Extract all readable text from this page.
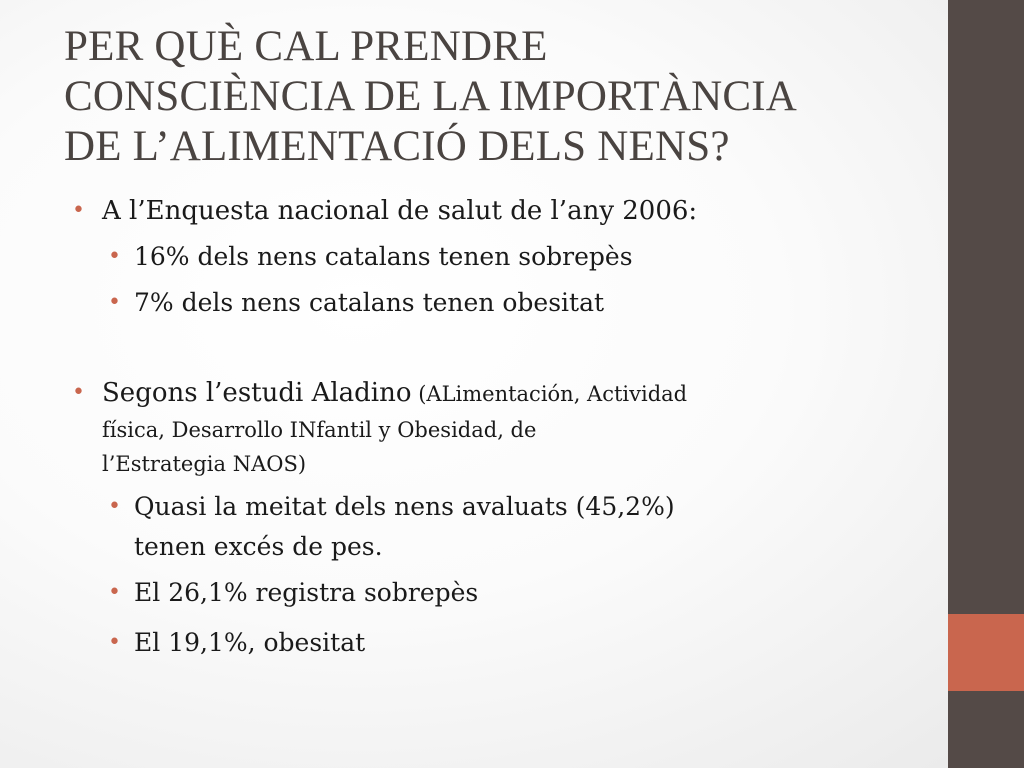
PER QUÈ CAL PRENDRE
CONSCIÈNCIA DE LA IMPORTÀNCIA
DE L’ALIMENTACIÓ DELS NENS?
• A l’Enquesta nacional de salut de l’any 2006:
• 16% dels nens catalans tenen sobrepès
• 7% dels nens catalans tenen obesitat
• Segons l’estudi Aladino (ALimentación, Actividad
física, Desarrollo INfantil y Obesidad, de
l’Estrategia NAOS)
• Quasi la meitat dels nens avaluats (45,2%)
tenen excés de pes.
• El 26,1% registra sobrepès
• El 19,1%, obesitat
